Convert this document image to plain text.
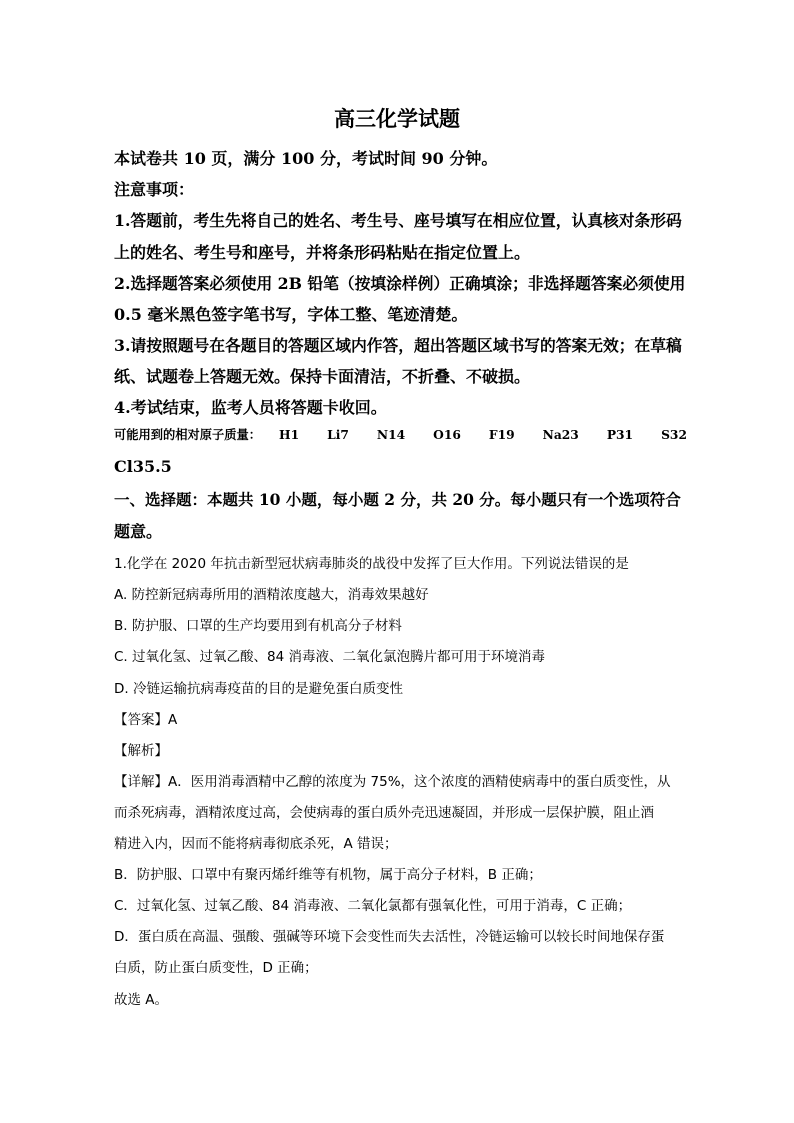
高三化学试题
本试卷共 10 页，满分 100 分，考试时间 90 分钟。
注意事项：
1.答题前，考生先将自己的姓名、考生号、座号填写在相应位置，认真核对条形码
上的姓名、考生号和座号，并将条形码粘贴在指定位置上。
2.选择题答案必须使用 2B 铅笔（按填涂样例）正确填涂；非选择题答案必须使用
0.5 毫米黑色签字笔书写，字体工整、笔迹清楚。
3.请按照题号在各题目的答题区域内作答，超出答题区域书写的答案无效；在草稿
纸、试题卷上答题无效。保持卡面清洁，不折叠、不破损。
4.考试结束，监考人员将答题卡收回。
可能用到的相对原子质量： H1 Li7 N14 O16 F19 Na23 P31 S32
Cl35.5
一、选择题：本题共 10 小题，每小题 2 分，共 20 分。每小题只有一个选项符合
题意。
1.化学在 2020 年抗击新型冠状病毒肺炎的战役中发挥了巨大作用。下列说法错误的是
A. 防控新冠病毒所用的酒精浓度越大，消毒效果越好
B. 防护服、口罩的生产均要用到有机高分子材料
C. 过氧化氢、过氧乙酸、84 消毒液、二氧化氯泡腾片都可用于环境消毒
D. 冷链运输抗病毒疫苗的目的是避免蛋白质变性
【答案】A
【解析】
【详解】A．医用消毒酒精中乙醇的浓度为 75%，这个浓度的酒精使病毒中的蛋白质变性，从
而杀死病毒，酒精浓度过高，会使病毒的蛋白质外壳迅速凝固，并形成一层保护膜，阻止酒
精进入内，因而不能将病毒彻底杀死，A 错误；
B．防护服、口罩中有聚丙烯纤维等有机物，属于高分子材料，B 正确；
C．过氧化氢、过氧乙酸、84 消毒液、二氧化氯都有强氧化性，可用于消毒，C 正确；
D．蛋白质在高温、强酸、强碱等环境下会变性而失去活性，冷链运输可以较长时间地保存蛋
白质，防止蛋白质变性，D 正确；
故选 A。
